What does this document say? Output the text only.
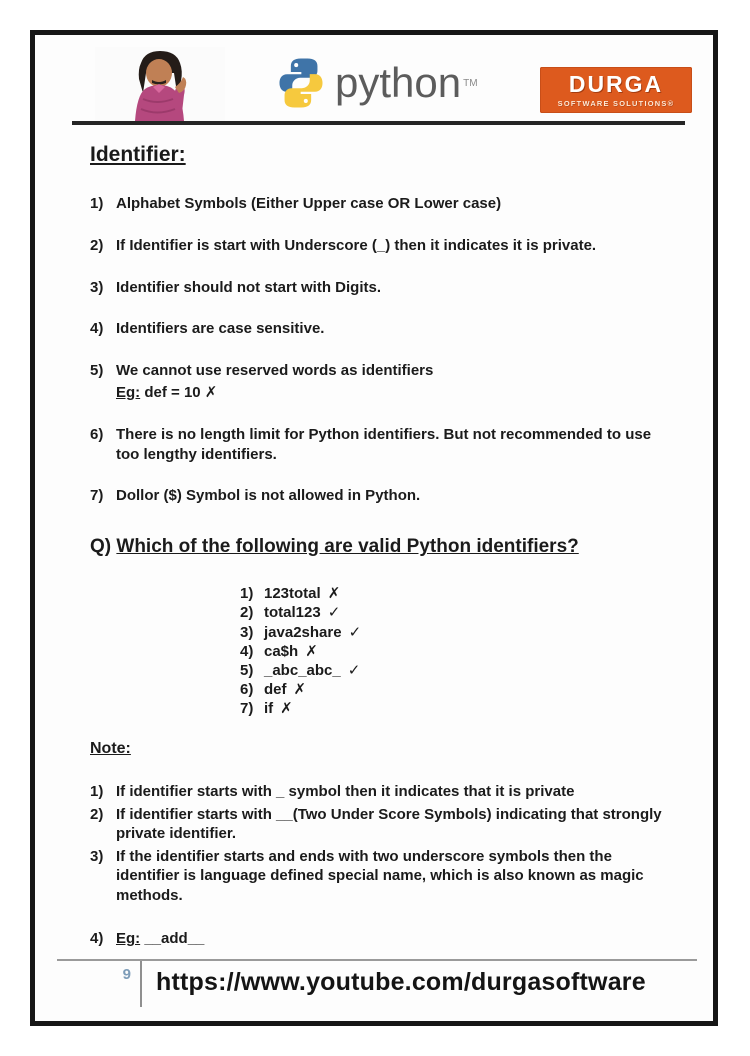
python TM	DURGA
SOFTWARE SOLUTIONS®
Identifier:
1) Alphabet Symbols (Either Upper case OR Lower case)
2) If Identifier is start with Underscore (_) then it indicates it is private.
3) Identifier should not start with Digits.
4) Identifiers are case sensitive.
5) We cannot use reserved words as identifiers
Eg: def = 10 ✗
6) There is no length limit for Python identifiers. But not recommended to use too lengthy identifiers.
7) Dollor ($) Symbol is not allowed in Python.
Q) Which of the following are valid Python identifiers?
1) 123total ✗
2) total123 ✓
3) java2share ✓
4) ca$h ✗
5) _abc_abc_ ✓
6) def ✗
7) if ✗
Note:
1) If identifier starts with _ symbol then it indicates that it is private
2) If identifier starts with __(Two Under Score Symbols) indicating that strongly private identifier.
3) If the identifier starts and ends with two underscore symbols then the identifier is language defined special name, which is also known as magic methods.
4) Eg: __add__
9	https://www.youtube.com/durgasoftware
